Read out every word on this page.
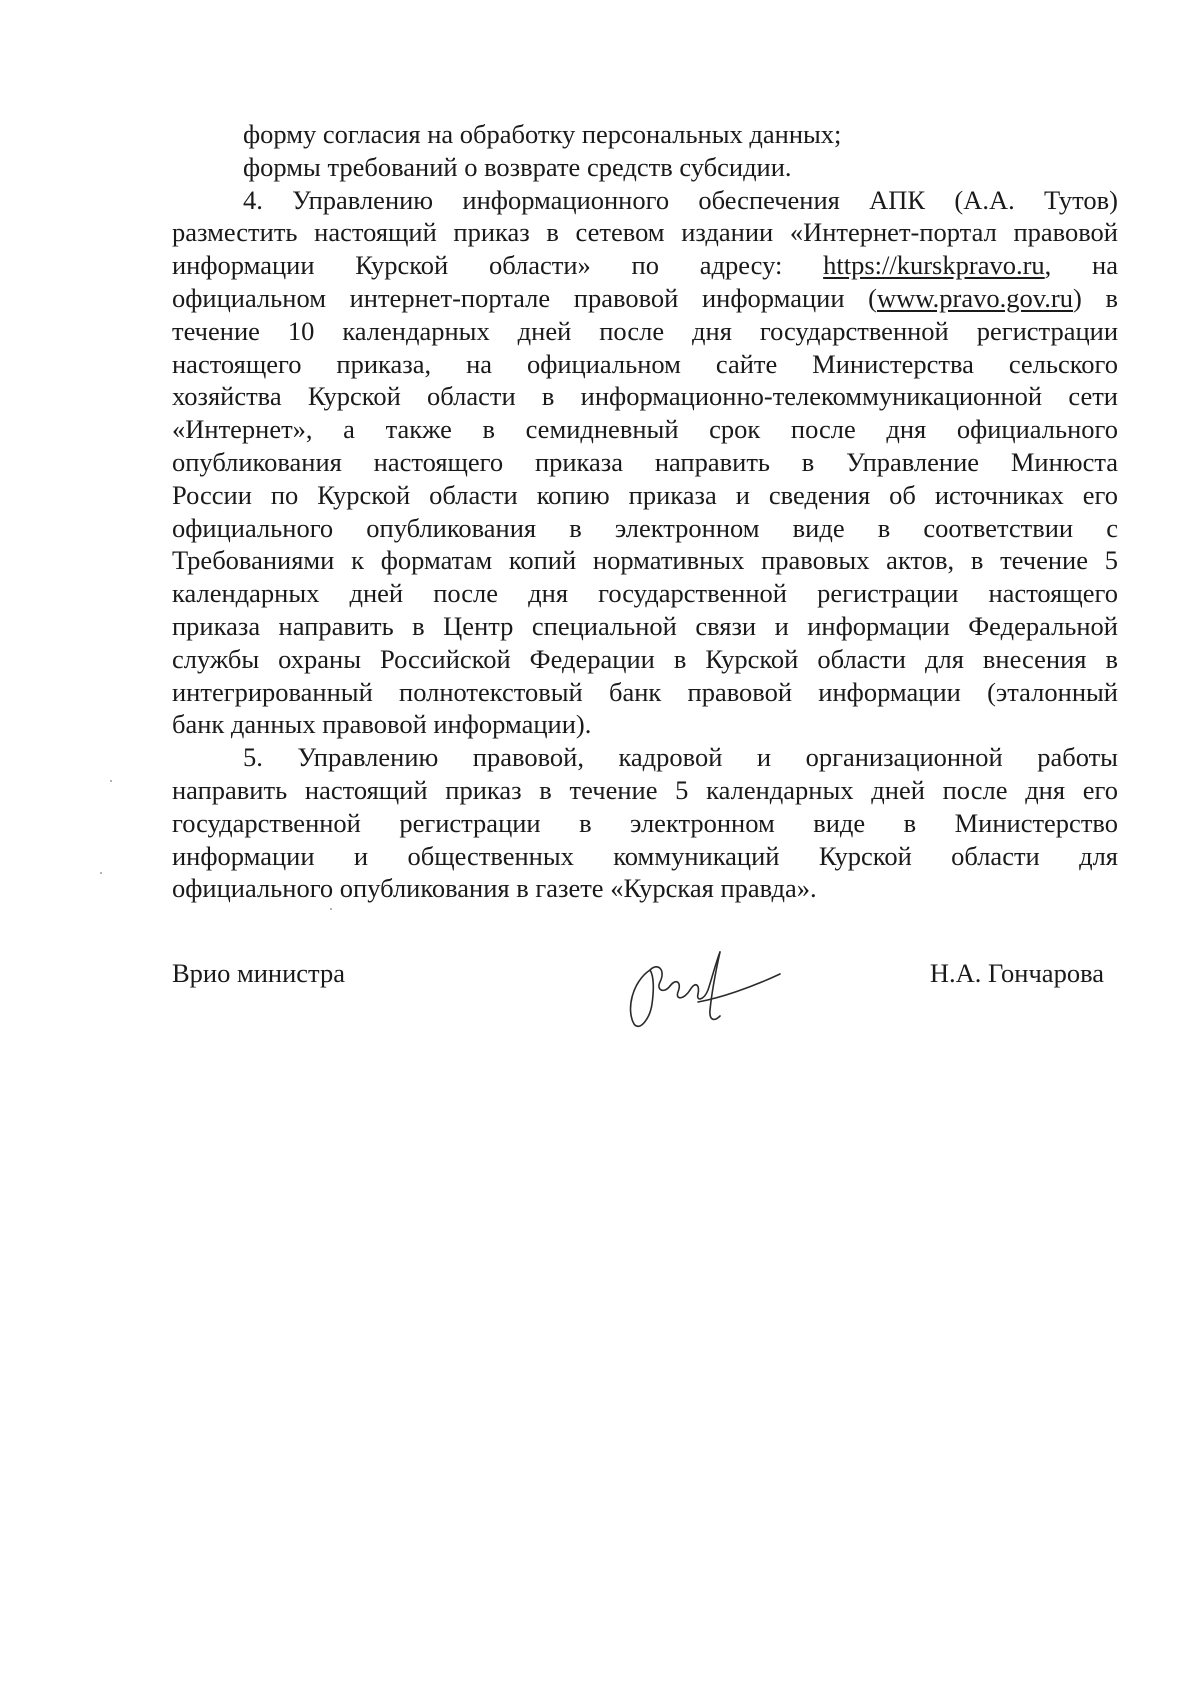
форму согласия на обработку персональных данных;
формы требований о возврате средств субсидии.
4. Управлению информационного обеспечения АПК (А.А. Тутов)
разместить настоящий приказ в сетевом издании «Интернет-портал правовой
информации Курской области» по адресу: https://kurskpravo.ru, на
официальном интернет-портале правовой информации (www.pravo.gov.ru) в
течение 10 календарных дней после дня государственной регистрации
настоящего приказа, на официальном сайте Министерства сельского
хозяйства Курской области в информационно-телекоммуникационной сети
«Интернет», а также в семидневный срок после дня официального
опубликования настоящего приказа направить в Управление Минюста
России по Курской области копию приказа и сведения об источниках его
официального опубликования в электронном виде в соответствии с
Требованиями к форматам копий нормативных правовых актов, в течение 5
календарных дней после дня государственной регистрации настоящего
приказа направить в Центр специальной связи и информации Федеральной
службы охраны Российской Федерации в Курской области для внесения в
интегрированный полнотекстовый банк правовой информации (эталонный
банк данных правовой информации).
5. Управлению правовой, кадровой и организационной работы
направить настоящий приказ в течение 5 календарных дней после дня его
государственной регистрации в электронном виде в Министерство
информации и общественных коммуникаций Курской области для
официального опубликования в газете «Курская правда».
Врио министра	Н.А. Гончарова
